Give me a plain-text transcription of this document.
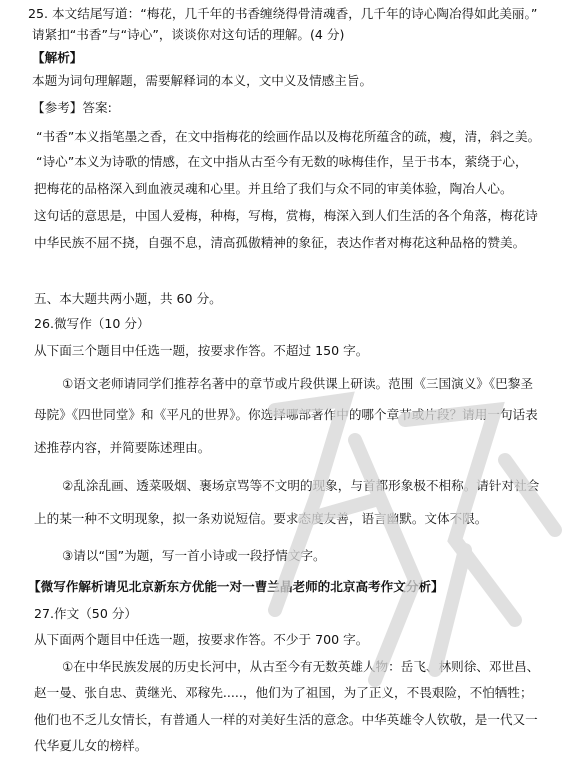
25. 本文结尾写道：“梅花，几千年的书香缠绕得骨清魂香，几千年的诗心陶冶得如此美丽。”
请紧扣“书香”与“诗心”，谈谈你对这句话的理解。(4 分)
【解析】
本题为词句理解题，需要解释词的本义，文中义及情感主旨。
【参考】答案:
“书香”本义指笔墨之香，在文中指梅花的绘画作品以及梅花所蕴含的疏，瘦，清，斜之美。
“诗心”本义为诗歌的情感，在文中指从古至今有无数的咏梅佳作，呈于书本，萦绕于心，
把梅花的品格深入到血液灵魂和心里。并且给了我们与众不同的审美体验，陶冶人心。
这句话的意思是，中国人爱梅，种梅，写梅，赏梅，梅深入到人们生活的各个角落，梅花诗
中华民族不屈不挠，自强不息，清高孤傲精神的象征，表达作者对梅花这种品格的赞美。
五、本大题共两小题，共 60 分。
26.微写作（10 分）
从下面三个题目中任选一题，按要求作答。不超过 150 字。
①语文老师请同学们推荐名著中的章节或片段供课上研读。范围《三国演义》《巴黎圣
母院》《四世同堂》和《平凡的世界》。你选择哪部著作中的哪个章节或片段？请用一句话表
述推荐内容，并简要陈述理由。
②乱涂乱画、透菜吸烟、裹场京骂等不文明的现象，与首都形象极不相称。请针对社会
上的某一种不文明现象，拟一条劝说短信。要求态度友善，语言幽默。文体不限。
③请以“国”为题，写一首小诗或一段抒情文字。
【微写作解析请见北京新东方优能一对一曹兰晶老师的北京高考作文分析】
27.作文（50 分）
从下面两个题目中任选一题，按要求作答。不少于 700 字。
①在中华民族发展的历史长河中，从古至今有无数英雄人物：岳飞、林则徐、邓世昌、
赵一曼、张自忠、黄继光、邓稼先.....，他们为了祖国，为了正义，不畏艰险，不怕牺牲；
他们也不乏儿女情长，有普通人一样的对美好生活的意念。中华英雄令人钦敬，是一代又一
代华夏儿女的榜样。
